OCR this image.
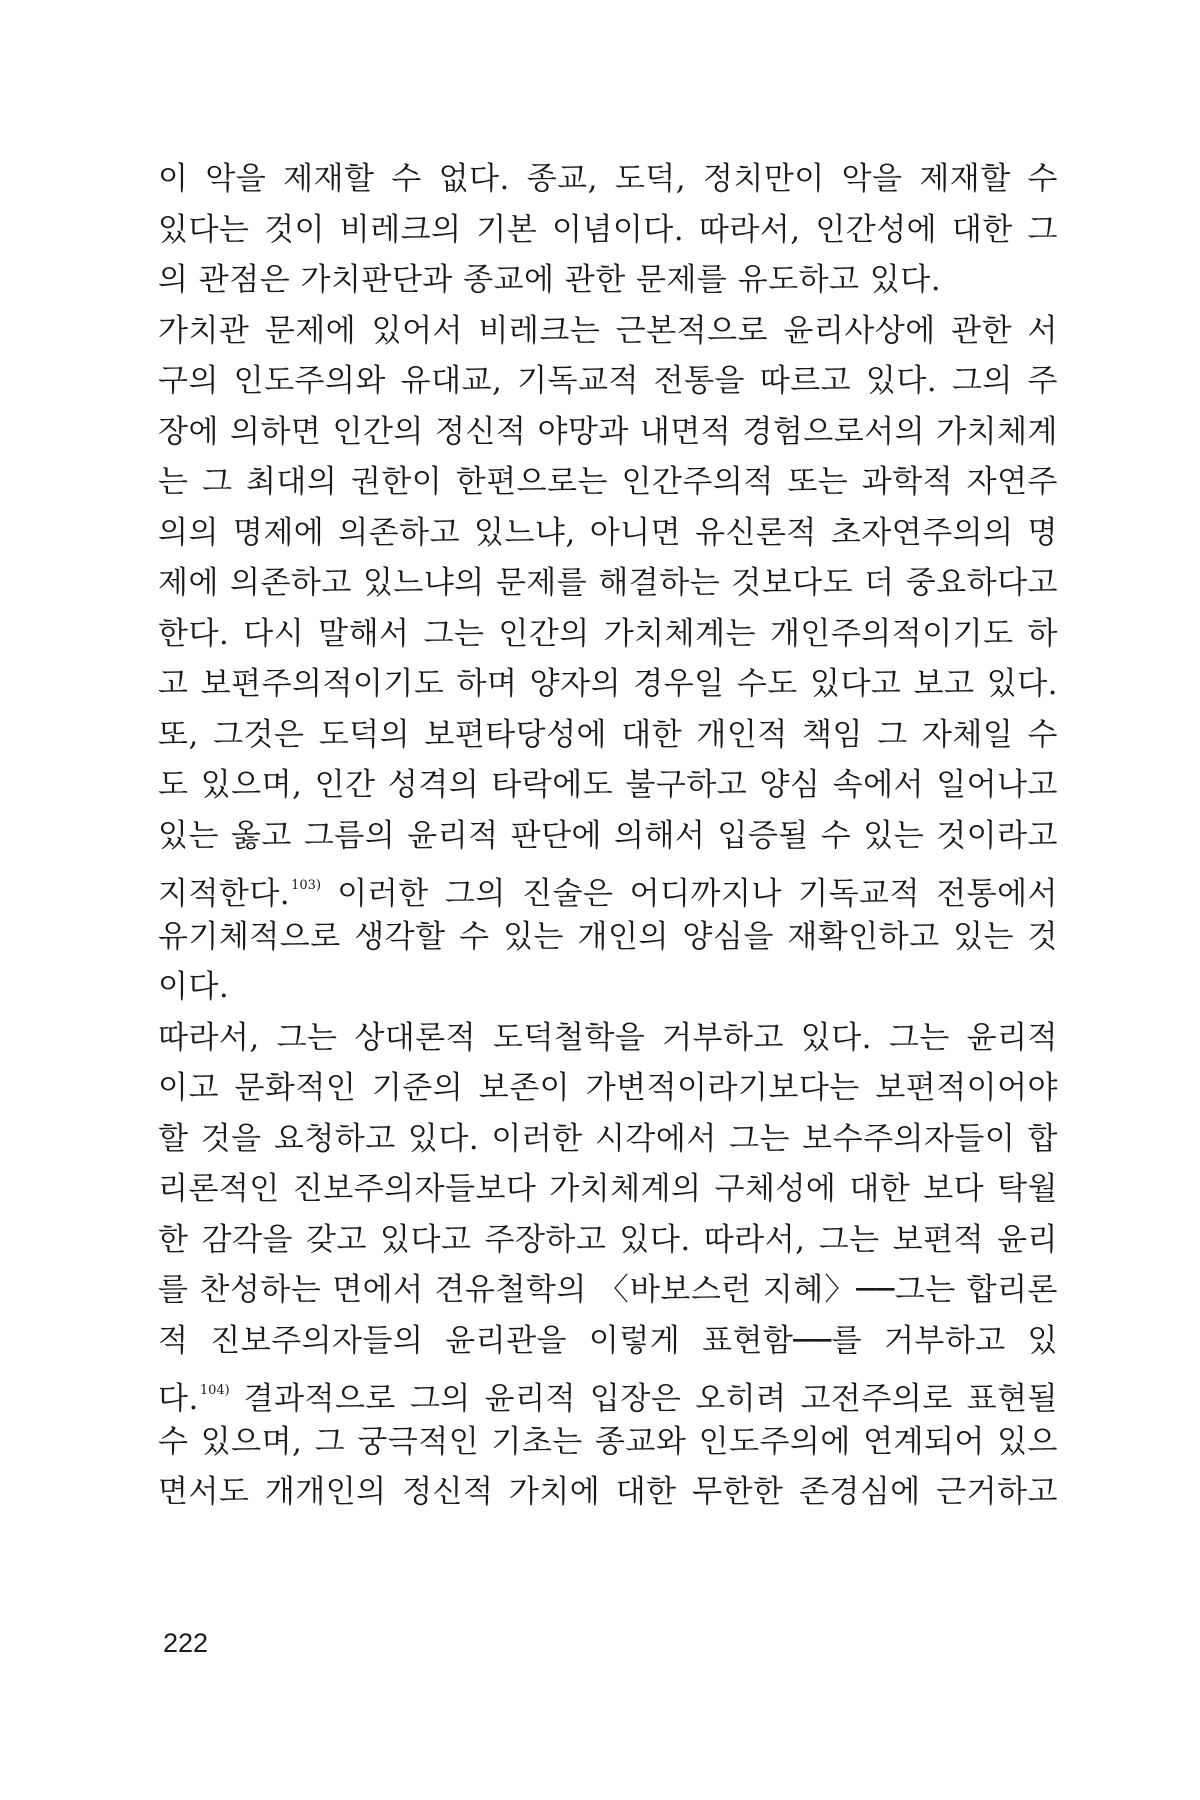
이 악을 제재할 수 없다. 종교, 도덕, 정치만이 악을 제재할 수
있다는 것이 비레크의 기본 이념이다. 따라서, 인간성에 대한 그
의 관점은 가치판단과 종교에 관한 문제를 유도하고 있다.
가치관 문제에 있어서 비레크는 근본적으로 윤리사상에 관한 서
구의 인도주의와 유대교, 기독교적 전통을 따르고 있다. 그의 주
장에 의하면 인간의 정신적 야망과 내면적 경험으로서의 가치체계
는 그 최대의 권한이 한편으로는 인간주의적 또는 과학적 자연주
의의 명제에 의존하고 있느냐, 아니면 유신론적 초자연주의의 명
제에 의존하고 있느냐의 문제를 해결하는 것보다도 더 중요하다고
한다. 다시 말해서 그는 인간의 가치체계는 개인주의적이기도 하
고 보편주의적이기도 하며 양자의 경우일 수도 있다고 보고 있다.
또, 그것은 도덕의 보편타당성에 대한 개인적 책임 그 자체일 수
도 있으며, 인간 성격의 타락에도 불구하고 양심 속에서 일어나고
있는 옳고 그름의 윤리적 판단에 의해서 입증될 수 있는 것이라고
지적한다.$^{103)}$ 이러한 그의 진술은 어디까지나 기독교적 전통에서
유기체적으로 생각할 수 있는 개인의 양심을 재확인하고 있는 것
이다.
따라서, 그는 상대론적 도덕철학을 거부하고 있다. 그는 윤리적
이고 문화적인 기준의 보존이 가변적이라기보다는 보편적이어야
할 것을 요청하고 있다. 이러한 시각에서 그는 보수주의자들이 합
리론적인 진보주의자들보다 가치체계의 구체성에 대한 보다 탁월
한 감각을 갖고 있다고 주장하고 있다. 따라서, 그는 보편적 윤리
를 찬성하는 면에서 견유철학의 〈바보스런 지혜〉──그는 합리론
적 진보주의자들의 윤리관을 이렇게 표현함──를 거부하고 있
다.$^{104)}$ 결과적으로 그의 윤리적 입장은 오히려 고전주의로 표현될
수 있으며, 그 궁극적인 기초는 종교와 인도주의에 연계되어 있으
면서도 개개인의 정신적 가치에 대한 무한한 존경심에 근거하고
222
